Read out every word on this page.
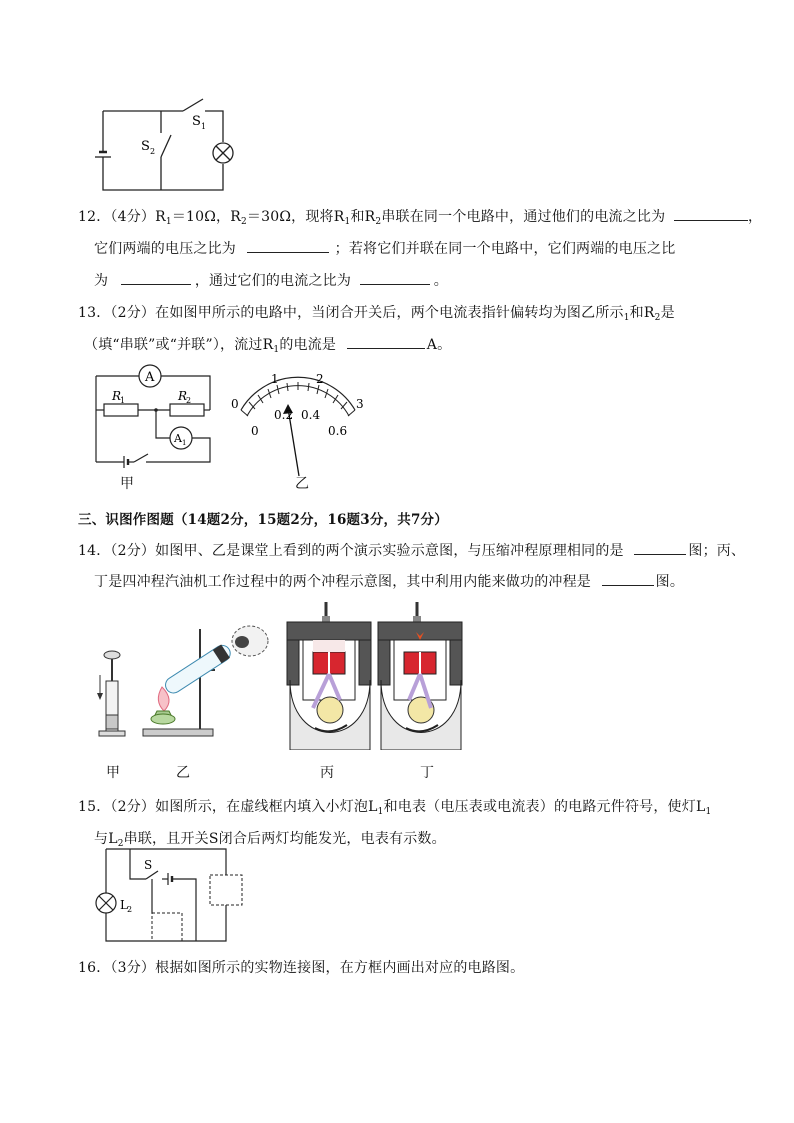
S 1
S 2
12．（4分）$R_1=10\Omega$，$R_2=30\Omega$，现将$R_1$和$R_2$串联在同一个电路中，通过他们的电流之比为	，
它们两端的电压之比为	；若将它们并联在同一个电路中，它们两端的电压之比
为	，通过它们的电流之比为	。
13．（2分）在如图甲所示的电路中，当闭合开关后，两个电流表指针偏转均为图乙所示$_1$和$R_2$是
（填“串联”或“并联”），流过$R_1$的电流是	A。
A
R
1	R
2
A 1
甲
0
1	2
3
0
0.2 0.4
0.6
乙
三、识图作图题（14题2分，15题2分，16题3分，共7分）
14．（2分）如图甲、乙是课堂上看到的两个演示实验示意图，与压缩冲程原理相同的是	图；丙、
丁是四冲程汽油机工作过程中的两个冲程示意图，其中利用内能来做功的冲程是	图。
甲	乙	丙	丁
15．（2分）如图所示，在虚线框内填入小灯泡$L_1$和电表（电压表或电流表）的电路元件符号，使灯$L_1$
与$L_2$串联，且开关S闭合后两灯均能发光，电表有示数。
S
L 2
16．（3分）根据如图所示的实物连接图，在方框内画出对应的电路图。
